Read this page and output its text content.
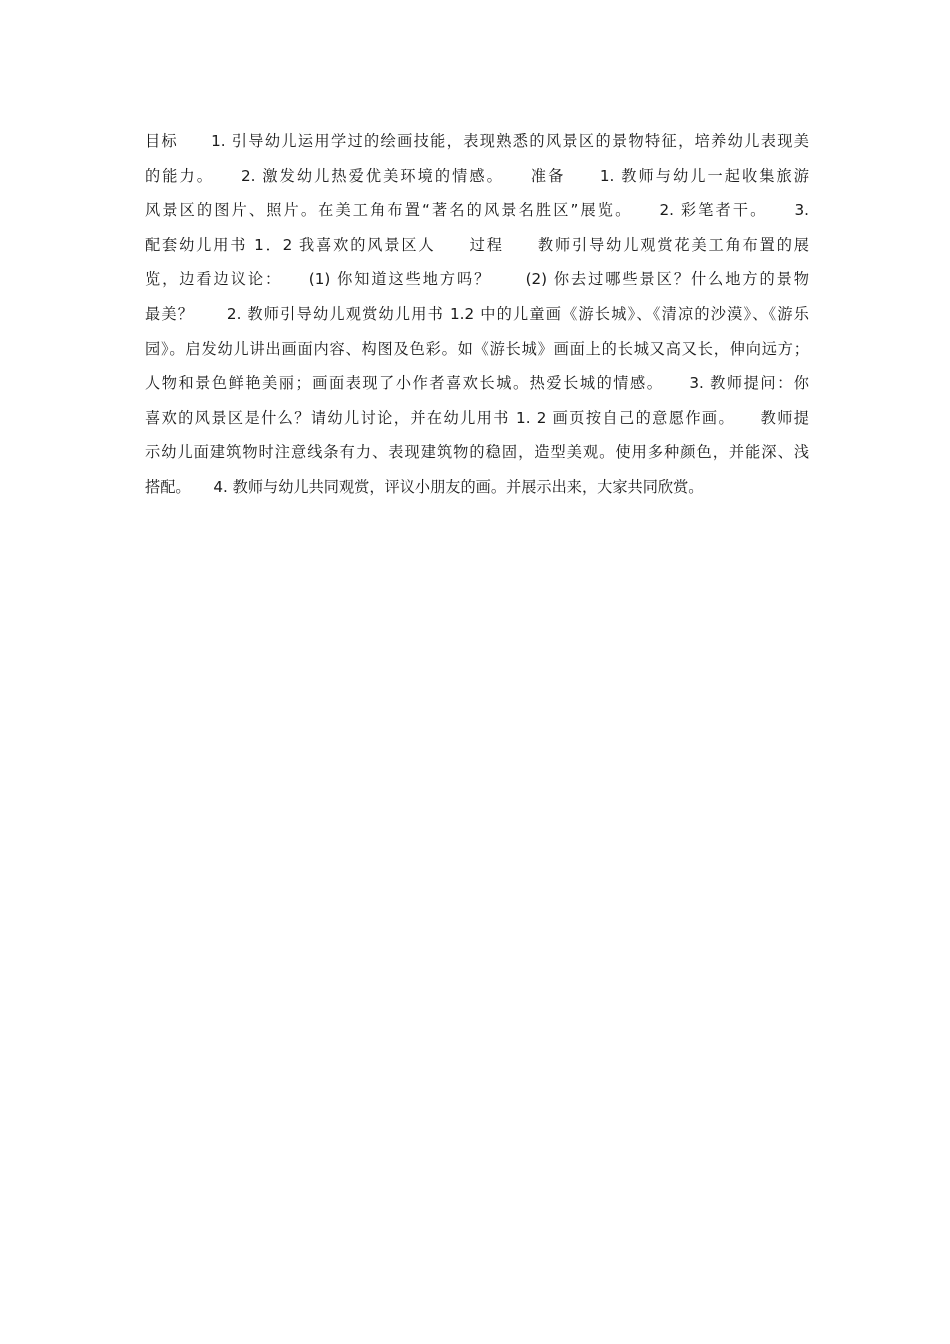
目标　　1. 引导幼儿运用学过的绘画技能，表现熟悉的风景区的景物特征，培养幼儿表现美
的能力。　　2. 激发幼儿热爱优美环境的情感。　　准备　　1. 教师与幼儿一起收集旅游
风景区的图片、照片。在美工角布置“著名的风景名胜区”展览。　　2. 彩笔者干。　　3.
配套幼儿用书 1．2 我喜欢的风景区人　　过程　　教师引导幼儿观赏花美工角布置的展
览，边看边议论：　　(1) 你知道这些地方吗？　　(2) 你去过哪些景区？什么地方的景物
最美？　　2. 教师引导幼儿观赏幼儿用书 1.2 中的儿童画《游长城》、《清凉的沙漠》、《游乐
园》。启发幼儿讲出画面内容、构图及色彩。如《游长城》画面上的长城又高又长，伸向远方；
人物和景色鲜艳美丽；画面表现了小作者喜欢长城。热爱长城的情感。　　3. 教师提问：你
喜欢的风景区是什么？请幼儿讨论，并在幼儿用书 1. 2 画页按自己的意愿作画。　　教师提
示幼儿面建筑物时注意线条有力、表现建筑物的稳固，造型美观。使用多种颜色，并能深、浅
搭配。　　4. 教师与幼儿共同观赏，评议小朋友的画。并展示出来，大家共同欣赏。
